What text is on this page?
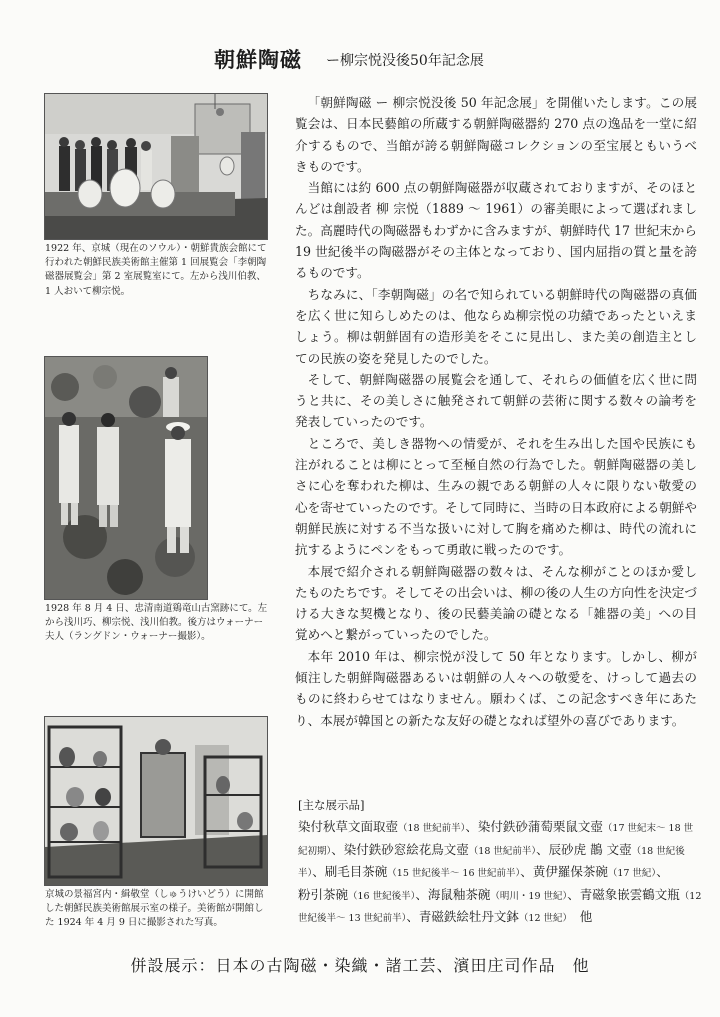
朝鮮陶磁 ー柳宗悦没後50年記念展
1922 年、京城（現在のソウル）・朝鮮貴族会館にて行われた朝鮮民族美術館主催第 1 回展覧会「李朝陶磁器展覧会」第 2 室展覧室にて。左から浅川伯教、1 人おいて柳宗悦。
1928 年 8 月 4 日、忠清南道鶏竜山古窯跡にて。左から浅川巧、柳宗悦、浅川伯教。後方はウォーナー夫人（ラングドン・ウォーナー撮影）。
京城の景福宮内・緝敬堂（しゅうけいどう）に開館した朝鮮民族美術館展示室の様子。美術館が開館した 1924 年 4 月 9 日に撮影された写真。

「朝鮮陶磁 ー 柳宗悦没後 50 年記念展」を開催いたします。この展覧会は、日本民藝館の所蔵する朝鮮陶磁器約 270 点の逸品を一堂に紹介するもので、当館が誇る朝鮮陶磁コレクションの至宝展ともいうべきものです。

当館には約 600 点の朝鮮陶磁器が収蔵されておりますが、そのほとんどは創設者 柳 宗悦（1889 ～ 1961）の審美眼によって選ばれました。高麗時代の陶磁器もわずかに含みますが、朝鮮時代 17 世紀末から 19 世紀後半の陶磁器がその主体となっており、国内屈指の質と量を誇るものです。

ちなみに、「李朝陶磁」の名で知られている朝鮮時代の陶磁器の真価を広く世に知らしめたのは、他ならぬ柳宗悦の功績であったといえましょう。柳は朝鮮固有の造形美をそこに見出し、また美の創造主としての民族の姿を発見したのでした。

そして、朝鮮陶磁器の展覧会を通して、それらの価値を広く世に問うと共に、その美しさに触発されて朝鮮の芸術に関する数々の論考を発表していったのです。

ところで、美しき器物への情愛が、それを生み出した国や民族にも注がれることは柳にとって至極自然の行為でした。朝鮮陶磁器の美しさに心を奪われた柳は、生みの親である朝鮮の人々に限りない敬愛の心を寄せていったのです。そして同時に、当時の日本政府による朝鮮や朝鮮民族に対する不当な扱いに対して胸を痛めた柳は、時代の流れに抗するようにペンをもって勇敢に戦ったのです。

本展で紹介される朝鮮陶磁器の数々は、そんな柳がことのほか愛したものたちです。そしてその出会いは、柳の後の人生の方向性を決定づける大きな契機となり、後の民藝美論の礎となる「雑器の美」への目覚めへと繋がっていったのでした。

本年 2010 年は、柳宗悦が没して 50 年となります。しかし、柳が傾注した朝鮮陶磁器あるいは朝鮮の人々への敬愛を、けっして過去のものに終わらせてはなりません。願わくば、この記念すべき年にあたり、本展が韓国との新たな友好の礎となれば望外の喜びであります。

[主な展示品]
染付秋草文面取壺（18 世紀前半）、染付鉄砂蒲萄栗鼠文壺（17 世紀末～ 18 世紀初期）、染付鉄砂窓絵花鳥文壺（18 世紀前半）、辰砂虎 鵲 文壺（18 世紀後半）、刷毛目茶碗（15 世紀後半～ 16 世紀前半）、黄伊羅保茶碗（17 世紀）、粉引茶碗（16 世紀後半）、海鼠釉茶碗（明川・19 世紀）、青磁象嵌雲鶴文瓶（12 世紀後半～ 13 世紀前半）、青磁鉄絵牡丹文鉢（12 世紀）　 他
併設展示：日本の古陶磁・染織・諸工芸、濱田庄司作品　他
